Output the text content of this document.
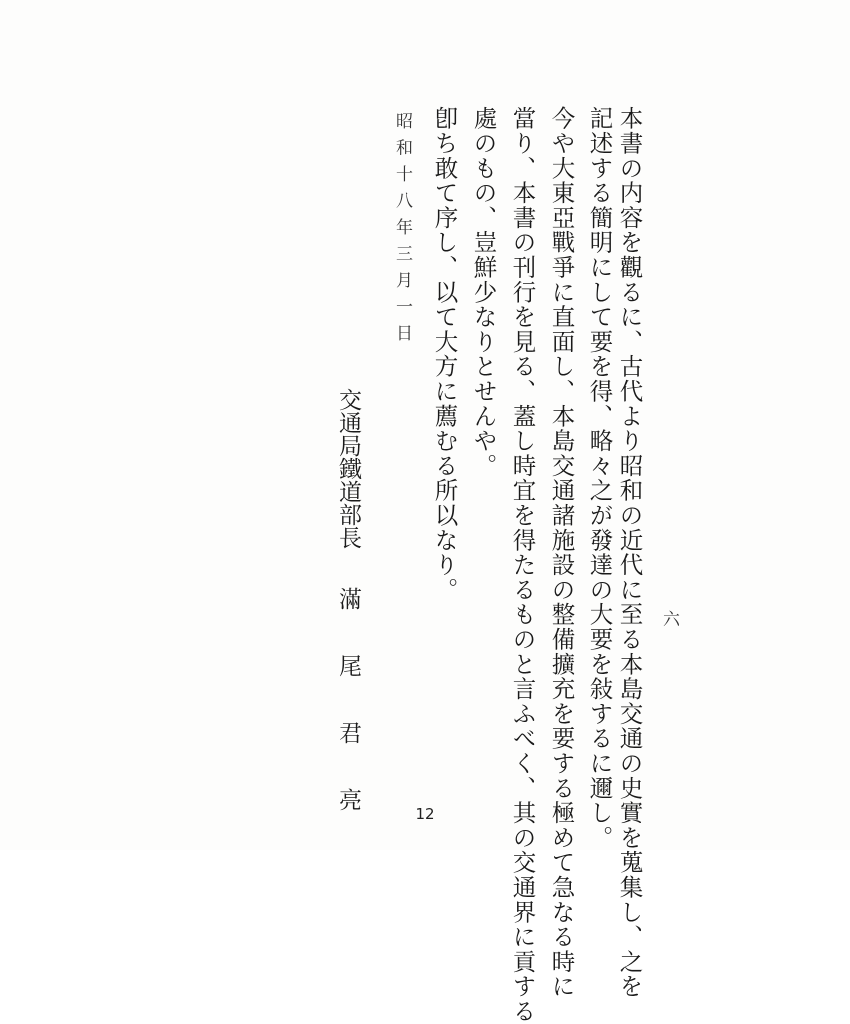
本書の内容を觀るに、古代より昭和の近代に至る本島交通の史實を蒐集し、之を
記述する簡明にして要を得、略々之が發達の大要を敍するに邇し。
今や大東亞戰爭に直面し、本島交通諸施設の整備擴充を要する極めて急なる時に
當り、本書の刊行を見る、蓋し時宜を得たるものと言ふべく、其の交通界に貢する
處のもの、豈鮮少なりとせんや。
卽ち敢て序し、以て大方に薦むる所以なり。
昭和十八年三月一日
交通局鐵道部長滿尾君亮
六
12
